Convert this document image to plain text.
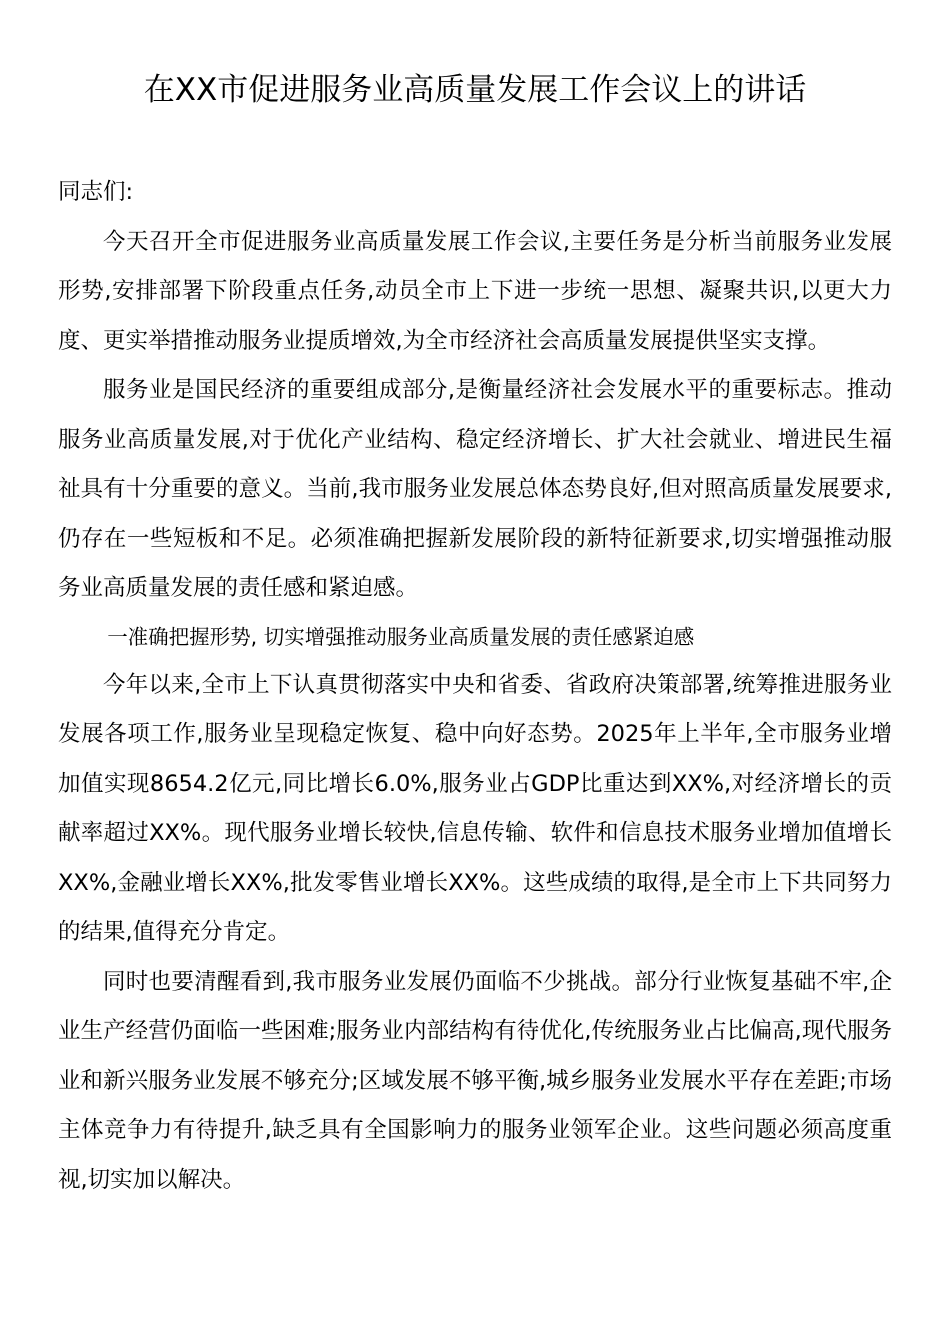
在XX市促进服务业高质量发展工作会议上的讲话

同志们:

今天召开全市促进服务业高质量发展工作会议,主要任务是分析当前服务业发展形势,安排部署下阶段重点任务,动员全市上下进一步统一思想、凝聚共识,以更大力度、更实举措推动服务业提质增效,为全市经济社会高质量发展提供坚实支撑。

服务业是国民经济的重要组成部分,是衡量经济社会发展水平的重要标志。推动服务业高质量发展,对于优化产业结构、稳定经济增长、扩大社会就业、增进民生福祉具有十分重要的意义。当前,我市服务业发展总体态势良好,但对照高质量发展要求,仍存在一些短板和不足。必须准确把握新发展阶段的新特征新要求,切实增强推动服务业高质量发展的责任感和紧迫感。

一准确把握形势, 切实增强推动服务业高质量发展的责任感紧迫感

今年以来,全市上下认真贯彻落实中央和省委、省政府决策部署,统筹推进服务业发展各项工作,服务业呈现稳定恢复、稳中向好态势。2025年上半年,全市服务业增加值实现8654.2亿元,同比增长6.0%,服务业占GDP比重达到XX%,对经济增长的贡献率超过XX%。现代服务业增长较快,信息传输、软件和信息技术服务业增加值增长XX%,金融业增长XX%,批发零售业增长XX%。这些成绩的取得,是全市上下共同努力的结果,值得充分肯定。

同时也要清醒看到,我市服务业发展仍面临不少挑战。部分行业恢复基础不牢,企业生产经营仍面临一些困难;服务业内部结构有待优化,传统服务业占比偏高,现代服务业和新兴服务业发展不够充分;区域发展不够平衡,城乡服务业发展水平存在差距;市场主体竞争力有待提升,缺乏具有全国影响力的服务业领军企业。这些问题必须高度重视,切实加以解决。
